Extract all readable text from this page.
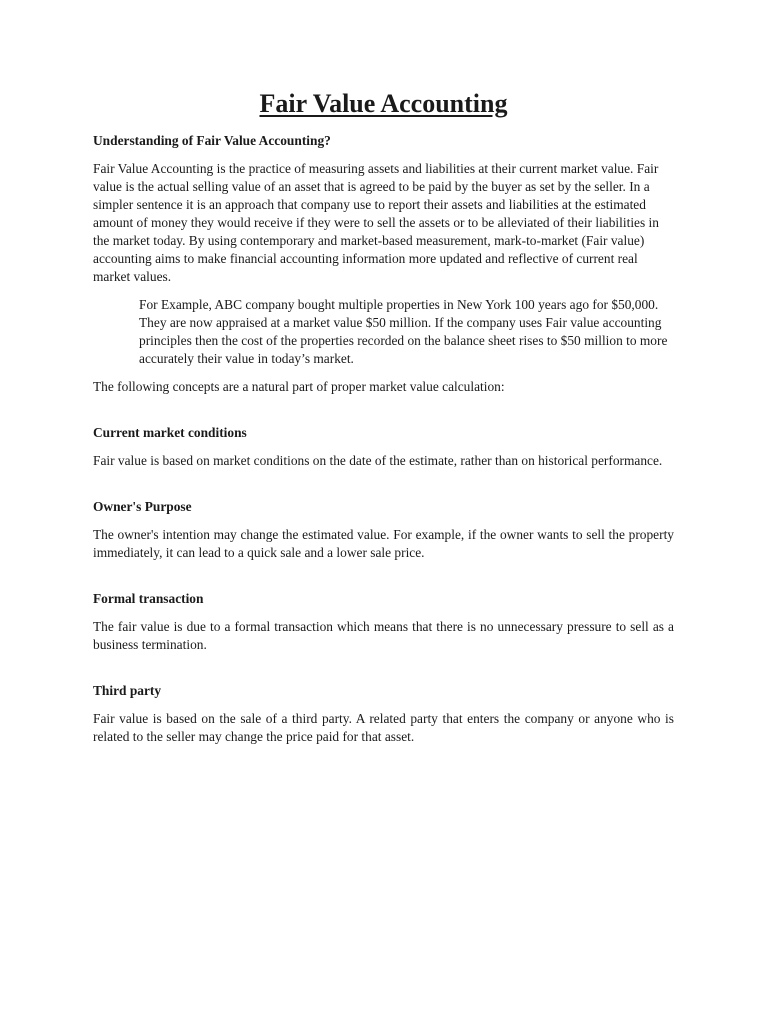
Fair Value Accounting
Understanding of Fair Value Accounting?

Fair Value Accounting is the practice of measuring assets and liabilities at their current market value. Fair value is the actual selling value of an asset that is agreed to be paid by the buyer as set by the seller. In a simpler sentence it is an approach that company use to report their assets and liabilities at the estimated amount of money they would receive if they were to sell the assets or to be alleviated of their liabilities in the market today. By using contemporary and market-based measurement, mark-to-market (Fair value) accounting aims to make financial accounting information more updated and reflective of current real market values.

For Example, ABC company bought multiple properties in New York 100 years ago for $50,000. They are now appraised at a market value $50 million. If the company uses Fair value accounting principles then the cost of the properties recorded on the balance sheet rises to $50 million to more accurately their value in today’s market.

The following concepts are a natural part of proper market value calculation:

Current market conditions

Fair value is based on market conditions on the date of the estimate, rather than on historical performance.

Owner's Purpose

The owner's intention may change the estimated value. For example, if the owner wants to sell the property immediately, it can lead to a quick sale and a lower sale price.

Formal transaction

The fair value is due to a formal transaction which means that there is no unnecessary pressure to sell as a business termination.

Third party

Fair value is based on the sale of a third party. A related party that enters the company or anyone who is related to the seller may change the price paid for that asset.
